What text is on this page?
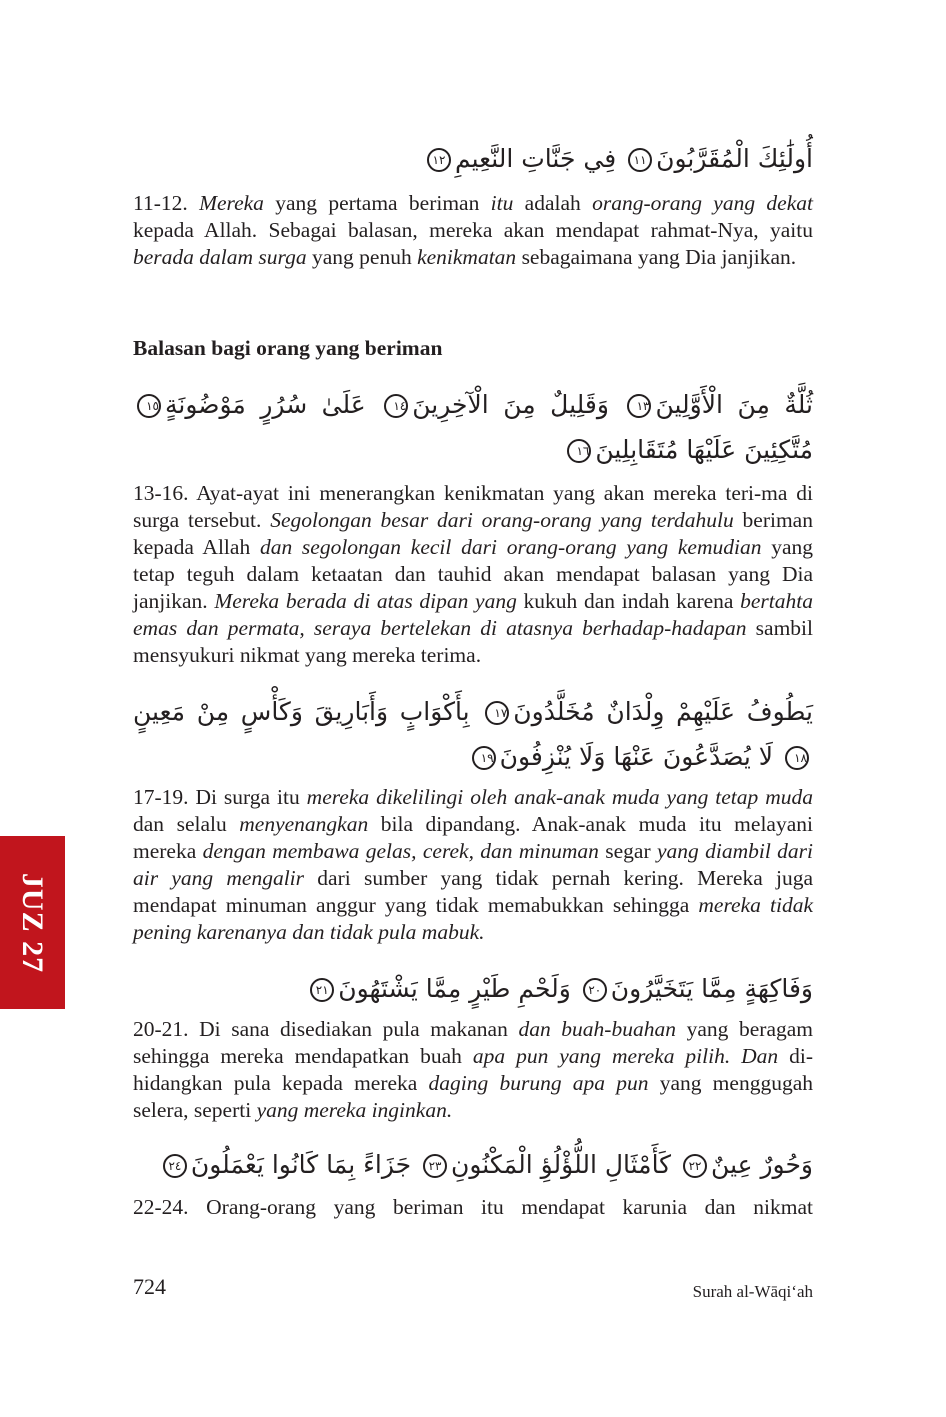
أُولَٰئِكَ الْمُقَرَّبُونَ١١ فِي جَنَّاتِ النَّعِيمِ١٢
11-12. Mereka yang pertama beriman itu adalah orang-orang yang dekat kepada Allah. Sebagai balasan, mereka akan mendapat rahmat-Nya, yaitu berada dalam surga yang penuh kenikmatan sebagaimana yang Dia janjikan.
Balasan bagi orang yang beriman
ثُلَّةٌ مِنَ الْأَوَّلِينَ١٣ وَقَلِيلٌ مِنَ الْآخِرِينَ١٤ عَلَىٰ سُرُرٍ مَوْضُونَةٍ١٥ مُتَّكِئِينَ عَلَيْهَا مُتَقَابِلِينَ١٦
13-16. Ayat-ayat ini menerangkan kenikmatan yang akan mereka teri-ma di surga tersebut. Segolongan besar dari orang-orang yang terdahulu beriman kepada Allah dan segolongan kecil dari orang-orang yang kemudian yang tetap teguh dalam ketaatan dan tauhid akan mendapat balasan yang Dia janjikan. Mereka berada di atas dipan yang kukuh dan indah karena bertahta emas dan permata, seraya bertelekan di atasnya berhadap-hadapan sambil mensyukuri nikmat yang mereka terima.
يَطُوفُ عَلَيْهِمْ وِلْدَانٌ مُخَلَّدُونَ١٧ بِأَكْوَابٍ وَأَبَارِيقَ وَكَأْسٍ مِنْ مَعِينٍ١٨ لَا يُصَدَّعُونَ عَنْهَا وَلَا يُنْزِفُونَ١٩
17-19. Di surga itu mereka dikelilingi oleh anak-anak muda yang tetap muda dan selalu menyenangkan bila dipandang. Anak-anak muda itu melayani mereka dengan membawa gelas, cerek, dan minuman segar yang diambil dari air yang mengalir dari sumber yang tidak pernah kering. Mereka juga mendapat minuman anggur yang tidak memabukkan sehingga mereka tidak pening karenanya dan tidak pula mabuk.
وَفَاكِهَةٍ مِمَّا يَتَخَيَّرُونَ٢٠ وَلَحْمِ طَيْرٍ مِمَّا يَشْتَهُونَ٢١
20-21. Di sana disediakan pula makanan dan buah-buahan yang beragam sehingga mereka mendapatkan buah apa pun yang mereka pilih. Dan di-hidangkan pula kepada mereka daging burung apa pun yang menggugah selera, seperti yang mereka inginkan.
وَحُورٌ عِينٌ٢٢ كَأَمْثَالِ اللُّؤْلُؤِ الْمَكْنُونِ٢٣ جَزَاءً بِمَا كَانُوا يَعْمَلُونَ٢٤
22-24. Orang-orang yang beriman itu mendapat karunia dan nikmat
JUZ 27
724	Surah al-Wāqi‘ah
